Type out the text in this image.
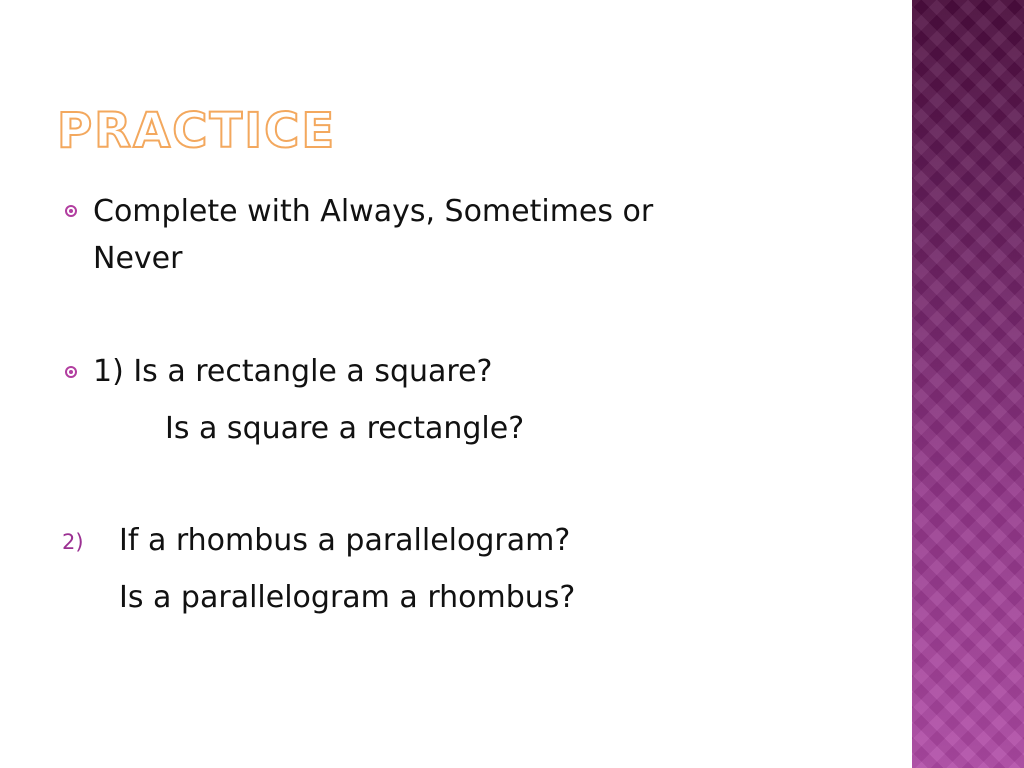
PRACTICE
Complete with Always, Sometimes or
Never
1) Is a rectangle a square?
Is a square a rectangle?
2) If a rhombus a parallelogram?
Is a parallelogram a rhombus?
